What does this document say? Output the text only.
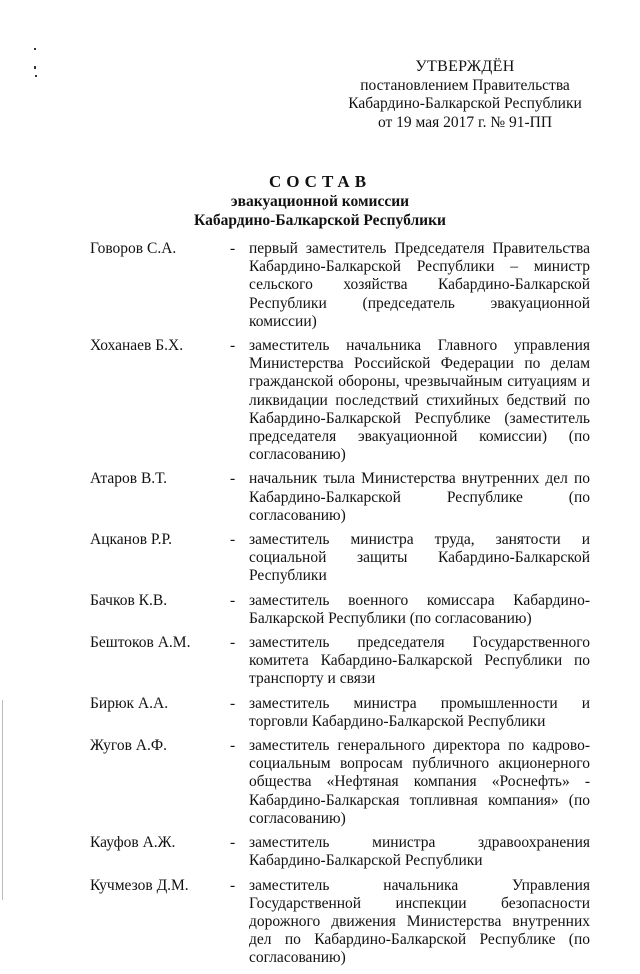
УТВЕРЖДЁН
постановлением Правительства
Кабардино-Балкарской Республики
от 19 мая 2017 г. № 91-ПП
СОСТАВ
эвакуационной комиссии
Кабардино-Балкарской Республики
Говоров С.А.	- первый заместитель Председателя Правительства Кабардино-Балкарской Республики – министр сельского хозяйства Кабардино-Балкарской Республики (председатель эвакуационной комиссии)
Хоханаев Б.Х.	- заместитель начальника Главного управления Министерства Российской Федерации по делам гражданской обороны, чрезвычайным ситуациям и ликвидации последствий стихийных бедствий по Кабардино-Балкарской Республике (заместитель председателя эвакуационной комиссии) (по согласованию)
Атаров В.Т.	- начальник тыла Министерства внутренних дел по Кабардино-Балкарской Республике (по согласованию)
Ацканов Р.Р.	- заместитель министра труда, занятости и социальной защиты Кабардино-Балкарской Республики
Бачков К.В.	- заместитель военного комиссара Кабардино-Балкарской Республики (по согласованию)
Бештоков А.М.	- заместитель председателя Государственного комитета Кабардино-Балкарской Республики по транспорту и связи
Бирюк А.А.	- заместитель министра промышленности и торговли Кабардино-Балкарской Республики
Жугов А.Ф.	- заместитель генерального директора по кадрово-социальным вопросам публичного акционерного общества «Нефтяная компания «Роснефть» - Кабардино-Балкарская топливная компания» (по согласованию)
Кауфов А.Ж.	- заместитель министра здравоохранения Кабардино-Балкарской Республики
Кучмезов Д.М.	- заместитель начальника Управления Государственной инспекции безопасности дорожного движения Министерства внутренних дел по Кабардино-Балкарской Республике (по согласованию)
